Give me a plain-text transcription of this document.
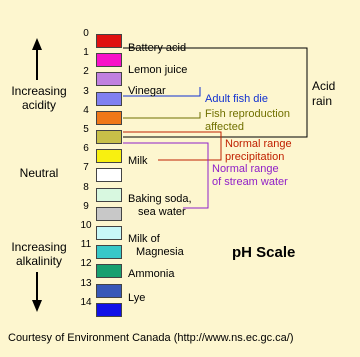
Increasing
acidity
Neutral
Increasing
alkalinity
0
1
2
3
4
5
6
7
8
9
10
11
12
13
14
Battery acid
Lemon juice
Vinegar
Milk
Baking soda,
sea water
Milk of
Magnesia
Ammonia
Lye
Adult fish die
Fish reproduction
affected
Normal range
precipitation
Normal range
of stream water
Acid
rain
pH Scale
Courtesy of Environment Canada (http://www.ns.ec.gc.ca/)
